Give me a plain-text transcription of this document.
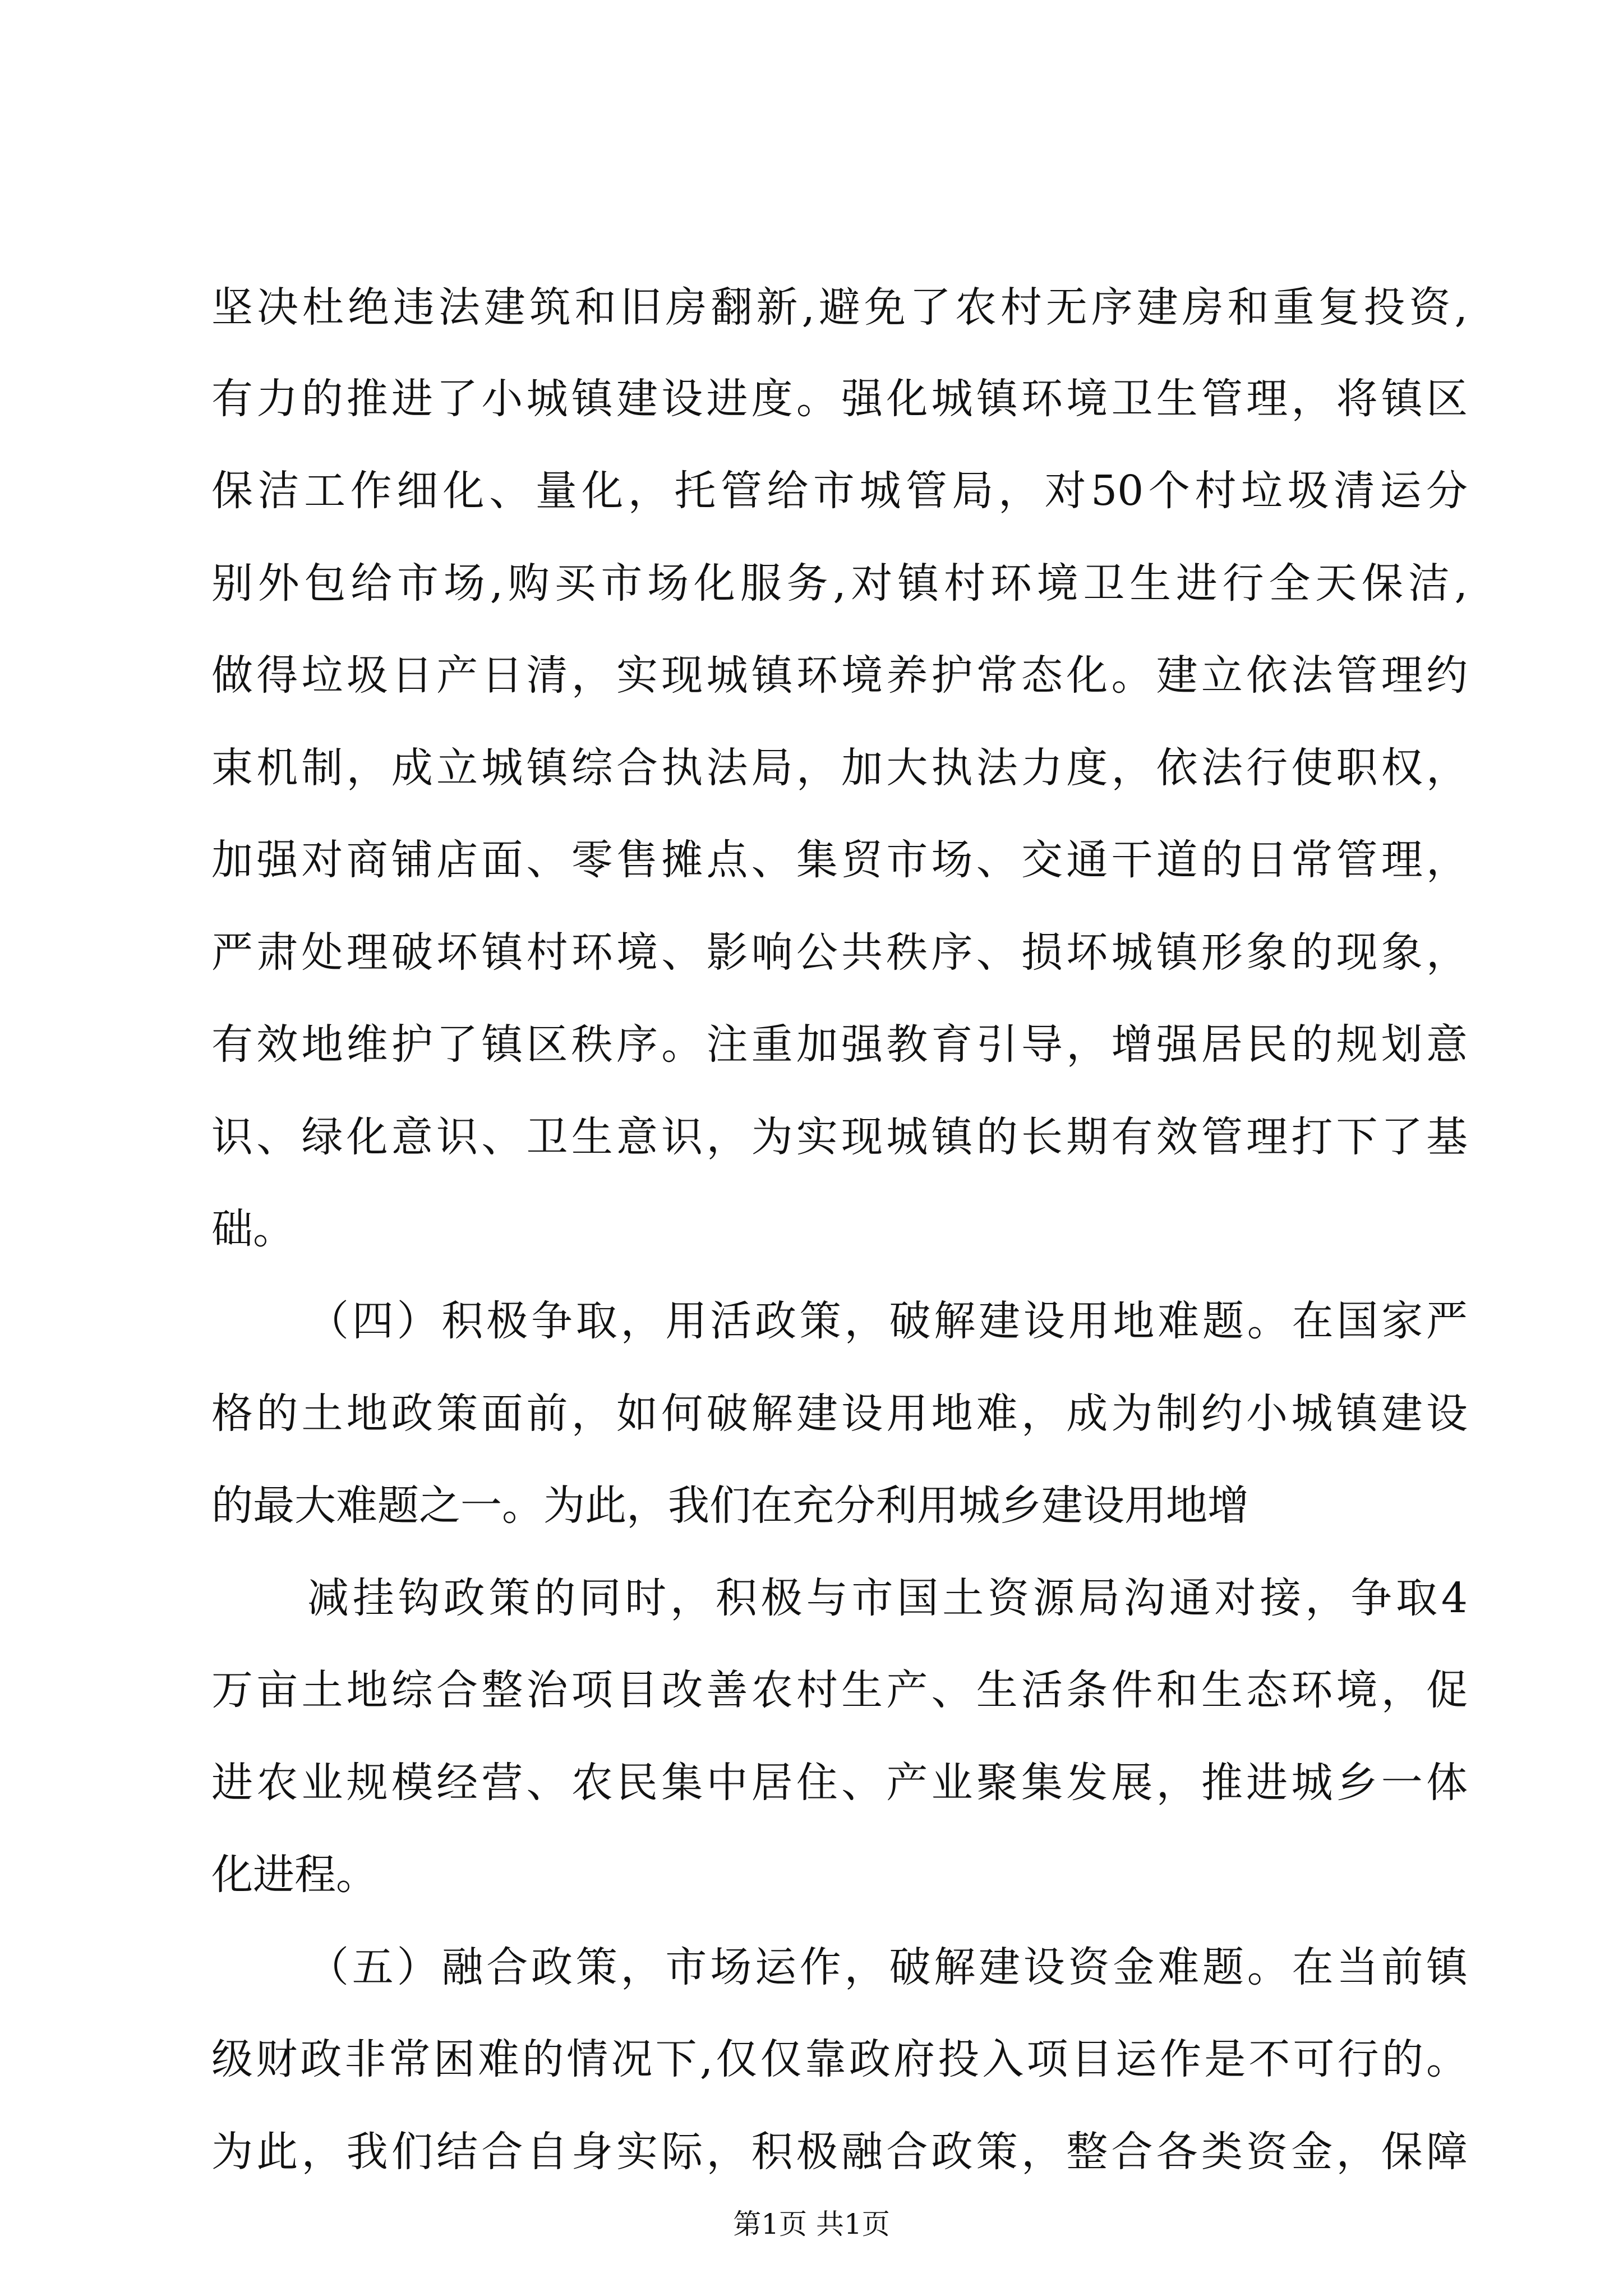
坚决杜绝违法建筑和旧房翻新,避免了农村无序建房和重复投资,
有力的推进了小城镇建设进度。强化城镇环境卫生管理，将镇区
保洁工作细化、量化，托管给市城管局，对50个村垃圾清运分
别外包给市场,购买市场化服务,对镇村环境卫生进行全天保洁,
做得垃圾日产日清，实现城镇环境养护常态化。建立依法管理约
束机制，成立城镇综合执法局，加大执法力度，依法行使职权，
加强对商铺店面、零售摊点、集贸市场、交通干道的日常管理，
严肃处理破坏镇村环境、影响公共秩序、损坏城镇形象的现象，
有效地维护了镇区秩序。注重加强教育引导，增强居民的规划意
识、绿化意识、卫生意识，为实现城镇的长期有效管理打下了基
础。
（四）积极争取，用活政策，破解建设用地难题。在国家严
格的土地政策面前，如何破解建设用地难，成为制约小城镇建设
的最大难题之一。为此，我们在充分利用城乡建设用地增
减挂钩政策的同时，积极与市国土资源局沟通对接，争取4
万亩土地综合整治项目改善农村生产、生活条件和生态环境，促
进农业规模经营、农民集中居住、产业聚集发展，推进城乡一体
化进程。
（五）融合政策，市场运作，破解建设资金难题。在当前镇
级财政非常困难的情况下,仅仅靠政府投入项目运作是不可行的。
为此，我们结合自身实际，积极融合政策，整合各类资金，保障
第1页 共1页
